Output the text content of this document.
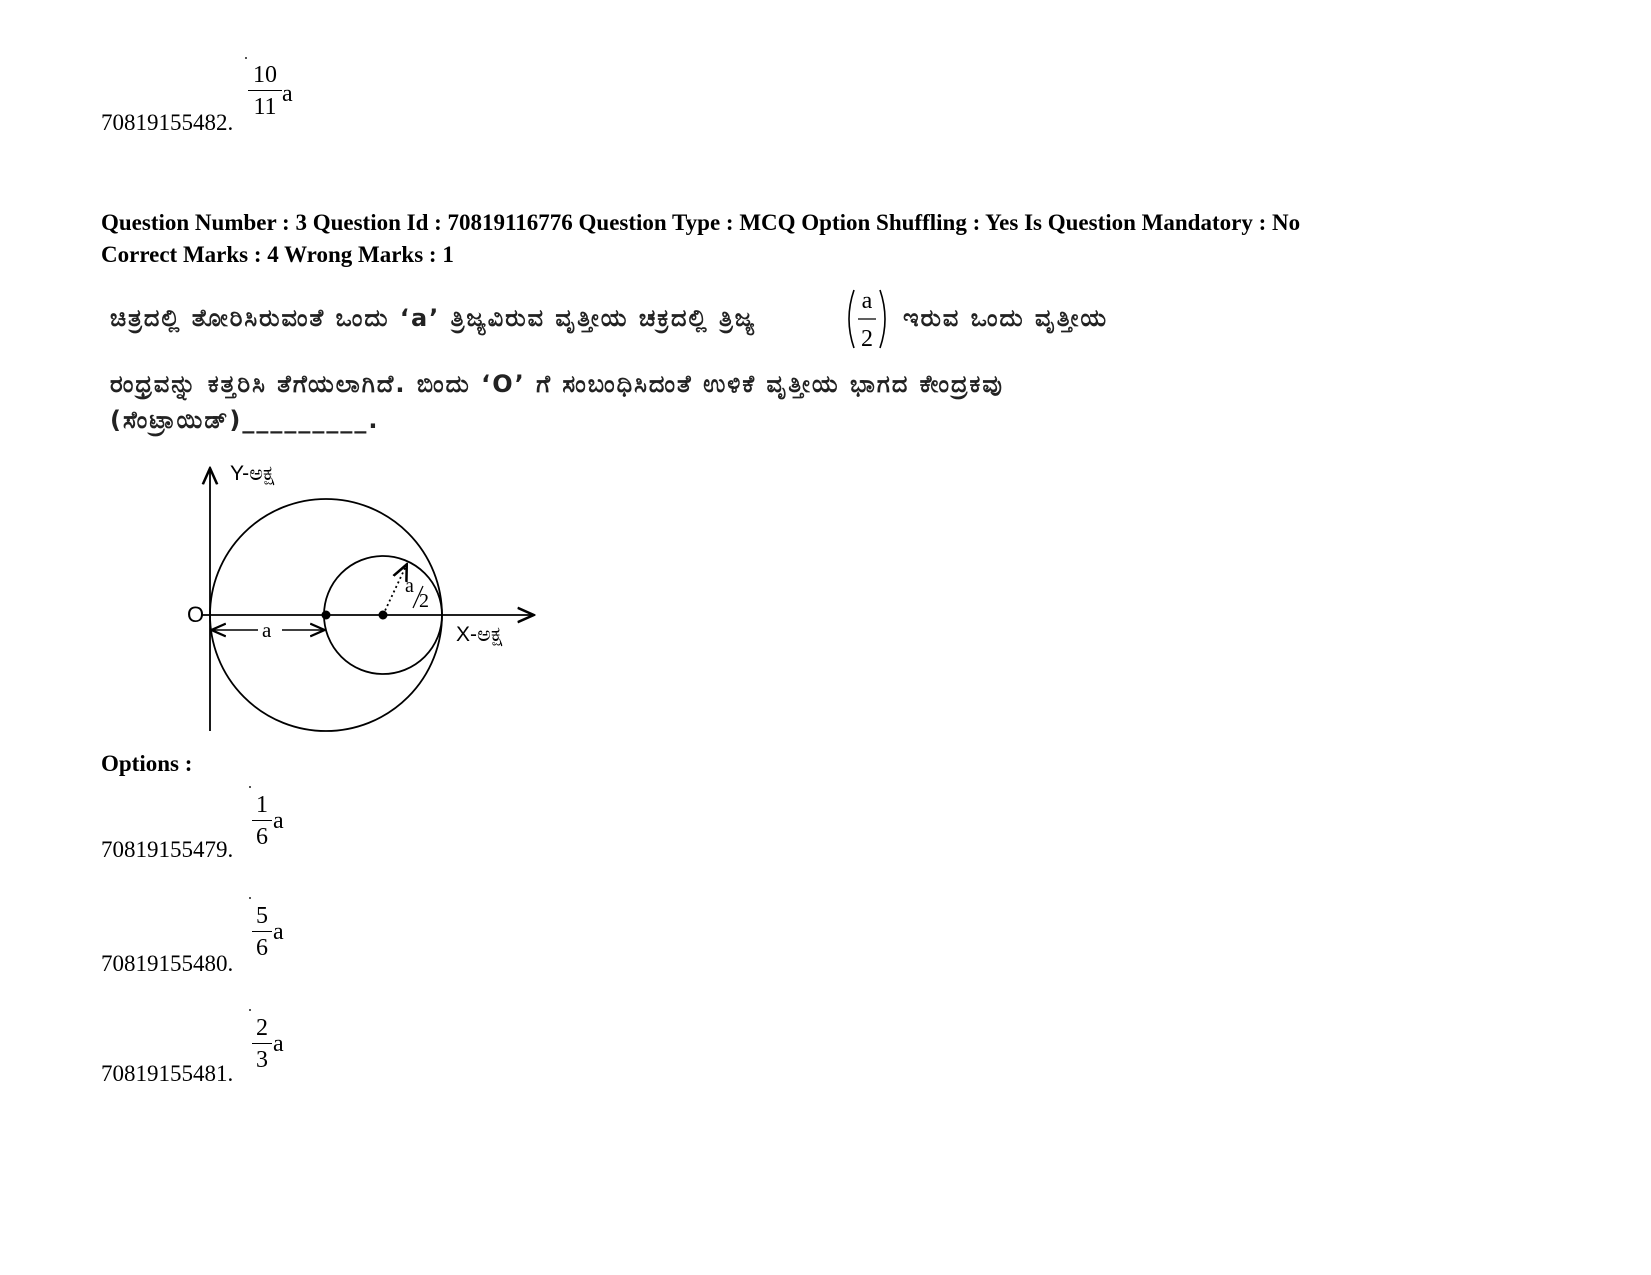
10
11 a
70819155482.
Question Number : 3 Question Id : 70819116776 Question Type : MCQ Option Shuffling : Yes Is Question Mandatory : No
Correct Marks : 4 Wrong Marks : 1
ಚಿತ್ರದಲ್ಲಿ ತೋರಿಸಿರುವಂತೆ ಒಂದು ‘a’ ತ್ರಿಜ್ಯವಿರುವ ವೃತ್ತೀಯ ಚಕ್ರದಲ್ಲಿ ತ್ರಿಜ್ಯ
a
2
ಇರುವ ಒಂದು ವೃತ್ತೀಯ
ರಂಧ್ರವನ್ನು ಕತ್ತರಿಸಿ ತೆಗೆಯಲಾಗಿದೆ. ಬಿಂದು ‘O’ ಗೆ ಸಂಬಂಧಿಸಿದಂತೆ ಉಳಿಕೆ ವೃತ್ತೀಯ ಭಾಗದ ಕೇಂದ್ರಕವು
(ಸೆಂಟ್ರಾಯಿಡ್)_________.
Y-ಅಕ್ಷ
X-ಅಕ್ಷ
O
a
a
2
Options :
1
6
a
70819155479.
5
6
a
70819155480.
2
3
a
70819155481.
